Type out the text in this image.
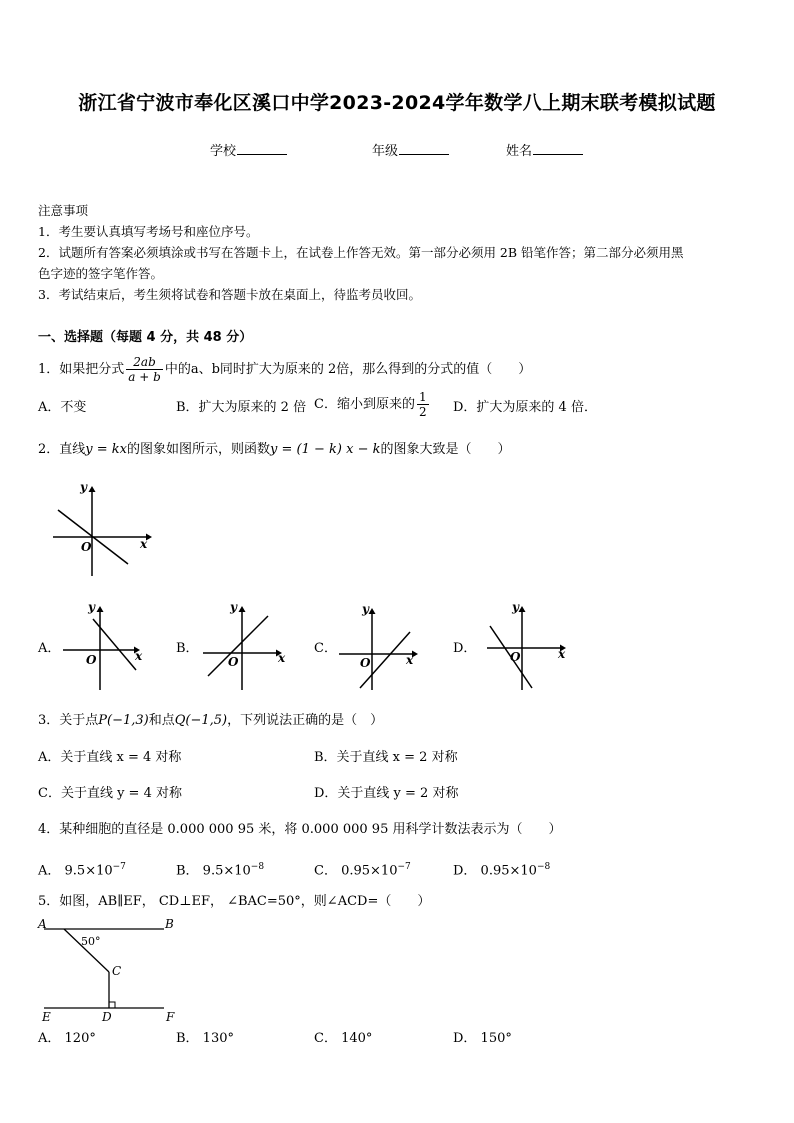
浙江省宁波市奉化区溪口中学2023-2024学年数学八上期末联考模拟试题
学校	年级	姓名
注意事项
1．考生要认真填写考场号和座位序号。
2．试题所有答案必须填涂或书写在答题卡上，在试卷上作答无效。第一部分必须用 2B 铅笔作答；第二部分必须用黑
色字迹的签字笔作答。
3．考试结束后，考生须将试卷和答题卡放在桌面上，待监考员收回。
一、选择题（每题 4 分，共 48 分）
1．如果把分式 $\frac{2ab}{a + b}$ 中的a、b同时扩大为原来的 2倍，那么得到的分式的值（　　）
A．不变	B．扩大为原来的 2 倍 C．缩小到原来的 $\frac{1}{2}$ D．扩大为原来的 4 倍．
2．直线y = kx的图象如图所示，则函数y = (1 − k) x − k的图象大致是（　　）
y
O	x
A．
y
O	x	B．
y
O	x
C．
y
O	x
D．
y
O	x
3．关于点P(−1,3)和点Q(−1,5)，下列说法正确的是（　）
A．关于直线 x = 4 对称	B．关于直线 x = 2 对称
C．关于直线 y = 4 对称	D．关于直线 y = 2 对称
4．某种细胞的直径是 0.000 000 95 米，将 0.000 000 95 用科学计数法表示为（　　）
A． $9.5\times 10^{-7}$	B． $9.5\times 10^{-8}$	C． $0.95\times 10^{-7}$	D． $0.95\times 10^{-8}$
5．如图，AB∥EF， CD⊥EF， ∠BAC=50°，则∠ACD=（　　）
A	B
C
D
E	F
50°
A． 120°	B． 130°	C． 140°	D． 150°
